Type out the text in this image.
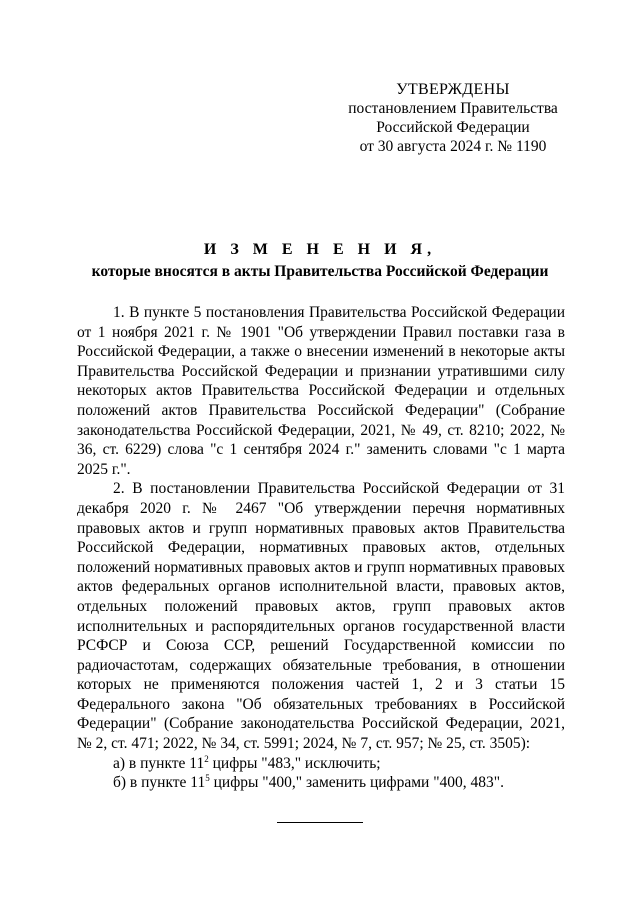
УТВЕРЖДЕНЫ
постановлением Правительства
Российской Федерации
от 30 августа 2024 г. № 1190
И З М Е Н Е Н И Я,
которые вносятся в акты Правительства Российской Федерации

1. В пункте 5 постановления Правительства Российской Федерации от 1 ноября 2021 г. № 1901 "Об утверждении Правил поставки газа в Российской Федерации, а также о внесении изменений в некоторые акты Правительства Российской Федерации и признании утратившими силу некоторых актов Правительства Российской Федерации и отдельных положений актов Правительства Российской Федерации" (Собрание законодательства Российской Федерации, 2021, № 49, ст. 8210; 2022, № 36, ст. 6229) слова "с 1 сентября 2024 г." заменить словами "с 1 марта 2025 г.".

2. В постановлении Правительства Российской Федерации от 31 декабря 2020 г. № 2467 "Об утверждении перечня нормативных правовых актов и групп нормативных правовых актов Правительства Российской Федерации, нормативных правовых актов, отдельных положений нормативных правовых актов и групп нормативных правовых актов федеральных органов исполнительной власти, правовых актов, отдельных положений правовых актов, групп правовых актов исполнительных и распорядительных органов государственной власти РСФСР и Союза ССР, решений Государственной комиссии по радиочастотам, содержащих обязательные требования, в отношении которых не применяются положения частей 1, 2 и 3 статьи 15 Федерального закона "Об обязательных требованиях в Российской Федерации" (Собрание законодательства Российской Федерации, 2021, № 2, ст. 471; 2022, № 34, ст. 5991; 2024, № 7, ст. 957; № 25, ст. 3505):

а) в пункте $11^2$ цифры "483," исключить;

б) в пункте $11^5$ цифры "400," заменить цифрами "400, 483".
